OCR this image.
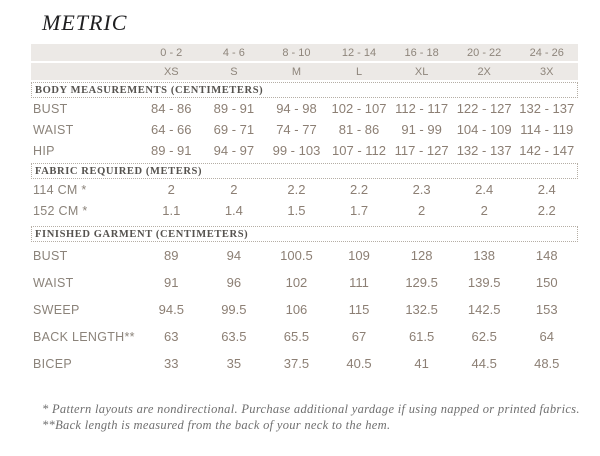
METRIC
0 - 2	4 - 6	8 - 10	12 - 14	16 - 18	20 - 22	24 - 26
XS	S	M	L	XL	2X	3X
BODY MEASUREMENTS (CENTIMETERS)
BUST	84 - 86	89 - 91	94 - 98	102 - 107 112 - 117 122 - 127 132 - 137
WAIST	64 - 66	69 - 71	74 - 77	81 - 86	91 - 99	104 - 109 114 - 119
HIP	89 - 91	94 - 97	99 - 103 107 - 112 117 - 127 132 - 137 142 - 147
FABRIC REQUIRED (METERS)
114 CM *	2	2	2.2	2.2	2.3	2.4	2.4
152 CM *	1.1	1.4	1.5	1.7	2	2	2.2
FINISHED GARMENT (CENTIMETERS)
BUST	89	94	100.5	109	128	138	148
WAIST	91	96	102	111	129.5	139.5	150
SWEEP	94.5	99.5	106	115	132.5	142.5	153
BACK LENGTH**	63	63.5	65.5	67	61.5	62.5	64
BICEP	33	35	37.5	40.5	41	44.5	48.5

* Pattern layouts are nondirectional. Purchase additional yardage if using napped or printed fabrics.

**Back length is measured from the back of your neck to the hem.
